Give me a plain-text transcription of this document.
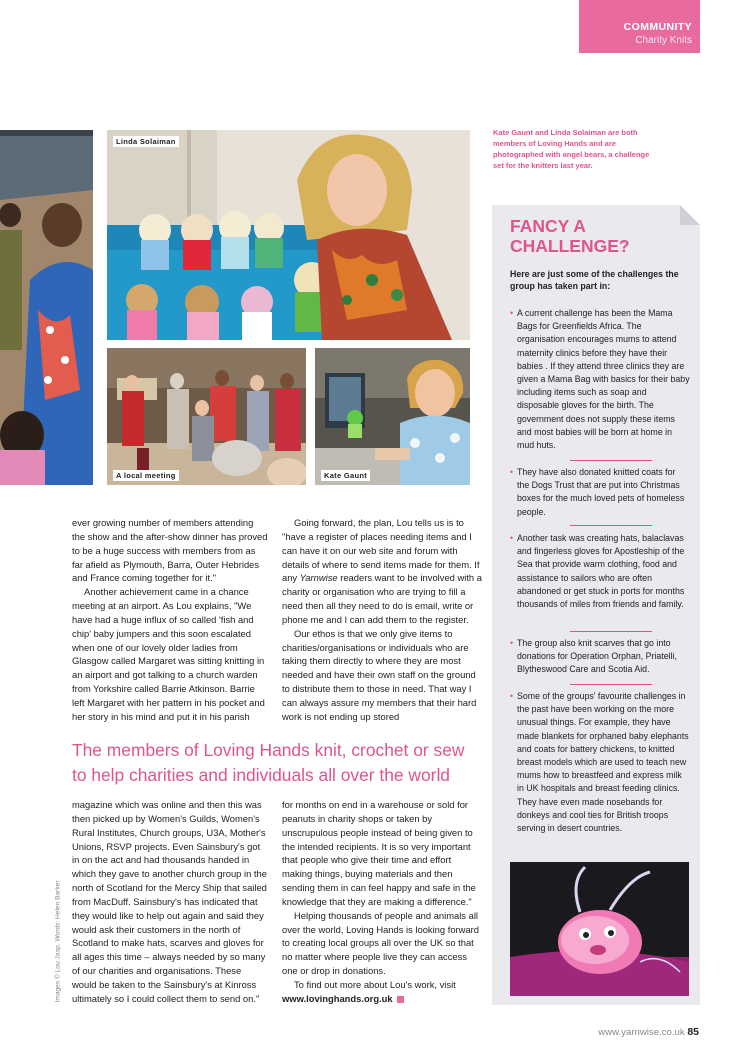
COMMUNITY
Charity Knits
Linda Solaiman
A local meeting	Kate Gaunt
Kate Gaunt and Linda Solaiman are both members of Loving Hands and are photographed with angel bears, a challenge set for the knitters last year.
FANCY A CHALLENGE?
Here are just some of the challenges the group has taken part in:
• A current challenge has been the Mama Bags for Greenfields Africa. The organisation encourages mums to attend maternity clinics before they have their babies . If they attend three clinics they are given a Mama Bag with basics for their baby including items such as soap and disposable gloves for the birth. The government does not supply these items and most babies will be born at home in mud huts.
• They have also donated knitted coats for the Dogs Trust that are put into Christmas boxes for the much loved pets of homeless people.
• Another task was creating hats, balaclavas and fingerless gloves for Apostleship of the Sea that provide warm clothing, food and assistance to sailors who are often abandoned or get stuck in ports for months thousands of miles from friends and family.
• The group also knit scarves that go into donations for Operation Orphan, Priatelli, Blytheswood Care and Scotia Aid.
• Some of the groups' favourite challenges in the past have been working on the more unusual things. For example, they have made blankets for orphaned baby elephants and coats for battery chickens, to knitted breast models which are used to teach new mums how to breastfeed and express milk in UK hospitals and breast feeding clinics. They have even made nosebands for donkeys and cool ties for British troops serving in desert countries.

ever growing number of members attending the show and the after-show dinner has proved to be a huge success with members from as far afield as Plymouth, Barra, Outer Hebrides and France coming together for it."

Another achievement came in a chance meeting at an airport. As Lou explains, "We have had a huge influx of so called 'fish and chip' baby jumpers and this soon escalated when one of our lovely older ladies from Glasgow called Margaret was sitting knitting in an airport and got talking to a church warden from Yorkshire called Barrie Atkinson. Barrie left Margaret with her pattern in his pocket and her story in his mind and put it in his parish

Going forward, the plan, Lou tells us is to "have a register of places needing items and I can have it on our web site and forum with details of where to send items made for them. If any Yarnwise readers want to be involved with a charity or organisation who are trying to fill a need then all they need to do is email, write or phone me and I can add them to the register.

Our ethos is that we only give items to charities/organisations or individuals who are taking them directly to where they are most needed and have their own staff on the ground to distribute them to those in need. That way I can always assure my members that their hard work is not ending up stored

The members of Loving Hands knit, crochet or sew to help charities and individuals all over the world

magazine which was online and then this was then picked up by Women's Guilds, Women's Rural Institutes, Church groups, U3A, Mother's Unions, RSVP projects. Even Sainsbury's got in on the act and had thousands handed in which they gave to another church group in the north of Scotland for the Mercy Ship that sailed from MacDuff. Sainsbury's has indicated that they would like to help out again and said they would ask their customers in the north of Scotland to make hats, scarves and gloves for all ages this time – always needed by so many of our charities and organisations. These would be taken to the Sainsbury's at Kinross ultimately so I could collect them to send on."

for months on end in a warehouse or sold for peanuts in charity shops or taken by unscrupulous people instead of being given to the intended recipients. It is so very important that people who give their time and effort making things, buying materials and then sending them in can feel happy and safe in the knowledge that they are making a difference."

Helping thousands of people and animals all over the world, Loving Hands is looking forward to creating local groups all over the UK so that no matter where people live they can access one or drop in donations.

To find out more about Lou's work, visit

www.lovinghands.org.uk

Images © Lou Jaap. Words: Helen Barker
www.yarnwise.co.uk 85
